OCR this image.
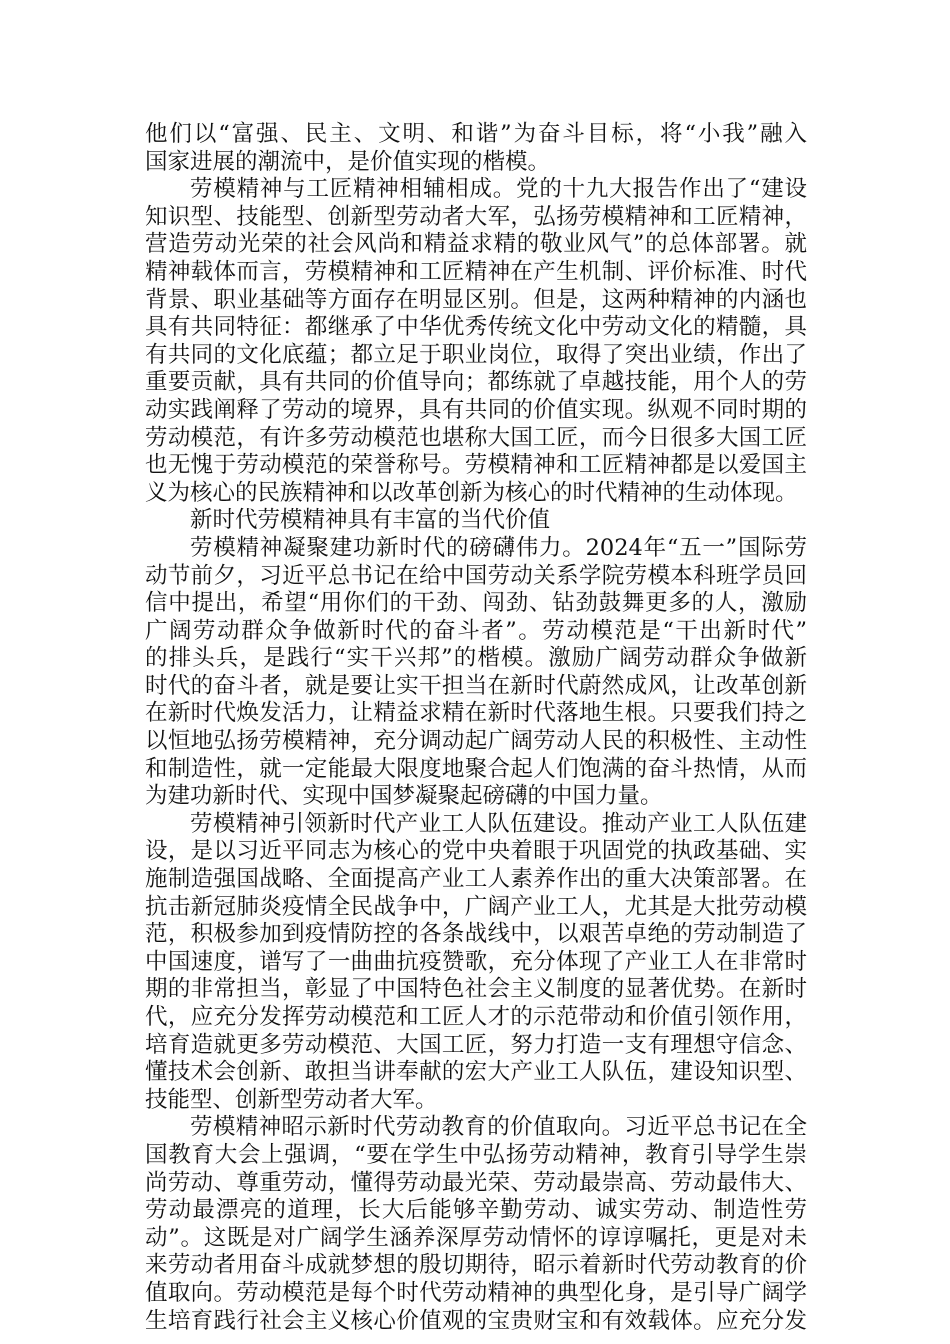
他们以“富强、民主、文明、和谐”为奋斗目标，将“小我”融入
国家进展的潮流中，是价值实现的楷模。
劳模精神与工匠精神相辅相成。党的十九大报告作出了“建设
知识型、技能型、创新型劳动者大军，弘扬劳模精神和工匠精神，
营造劳动光荣的社会风尚和精益求精的敬业风气”的总体部署。就
精神载体而言，劳模精神和工匠精神在产生机制、评价标准、时代
背景、职业基础等方面存在明显区别。但是，这两种精神的内涵也
具有共同特征：都继承了中华优秀传统文化中劳动文化的精髓，具
有共同的文化底蕴；都立足于职业岗位，取得了突出业绩，作出了
重要贡献，具有共同的价值导向；都练就了卓越技能，用个人的劳
动实践阐释了劳动的境界，具有共同的价值实现。纵观不同时期的
劳动模范，有许多劳动模范也堪称大国工匠，而今日很多大国工匠
也无愧于劳动模范的荣誉称号。劳模精神和工匠精神都是以爱国主
义为核心的民族精神和以改革创新为核心的时代精神的生动体现。
新时代劳模精神具有丰富的当代价值
劳模精神凝聚建功新时代的磅礴伟力。2024年“五一”国际劳
动节前夕，习近平总书记在给中国劳动关系学院劳模本科班学员回
信中提出，希望“用你们的干劲、闯劲、钻劲鼓舞更多的人，激励
广阔劳动群众争做新时代的奋斗者”。劳动模范是“干出新时代”
的排头兵，是践行“实干兴邦”的楷模。激励广阔劳动群众争做新
时代的奋斗者，就是要让实干担当在新时代蔚然成风，让改革创新
在新时代焕发活力，让精益求精在新时代落地生根。只要我们持之
以恒地弘扬劳模精神，充分调动起广阔劳动人民的积极性、主动性
和制造性，就一定能最大限度地聚合起人们饱满的奋斗热情，从而
为建功新时代、实现中国梦凝聚起磅礴的中国力量。
劳模精神引领新时代产业工人队伍建设。推动产业工人队伍建
设，是以习近平同志为核心的党中央着眼于巩固党的执政基础、实
施制造强国战略、全面提高产业工人素养作出的重大决策部署。在
抗击新冠肺炎疫情全民战争中，广阔产业工人，尤其是大批劳动模
范，积极参加到疫情防控的各条战线中，以艰苦卓绝的劳动制造了
中国速度，谱写了一曲曲抗疫赞歌，充分体现了产业工人在非常时
期的非常担当，彰显了中国特色社会主义制度的显著优势。在新时
代，应充分发挥劳动模范和工匠人才的示范带动和价值引领作用，
培育造就更多劳动模范、大国工匠，努力打造一支有理想守信念、
懂技术会创新、敢担当讲奉献的宏大产业工人队伍，建设知识型、
技能型、创新型劳动者大军。
劳模精神昭示新时代劳动教育的价值取向。习近平总书记在全
国教育大会上强调，“要在学生中弘扬劳动精神，教育引导学生崇
尚劳动、尊重劳动，懂得劳动最光荣、劳动最崇高、劳动最伟大、
劳动最漂亮的道理，长大后能够辛勤劳动、诚实劳动、制造性劳
动”。这既是对广阔学生涵养深厚劳动情怀的谆谆嘱托，更是对未
来劳动者用奋斗成就梦想的殷切期待，昭示着新时代劳动教育的价
值取向。劳动模范是每个时代劳动精神的典型化身，是引导广阔学
生培育践行社会主义核心价值观的宝贵财宝和有效载体。应充分发
